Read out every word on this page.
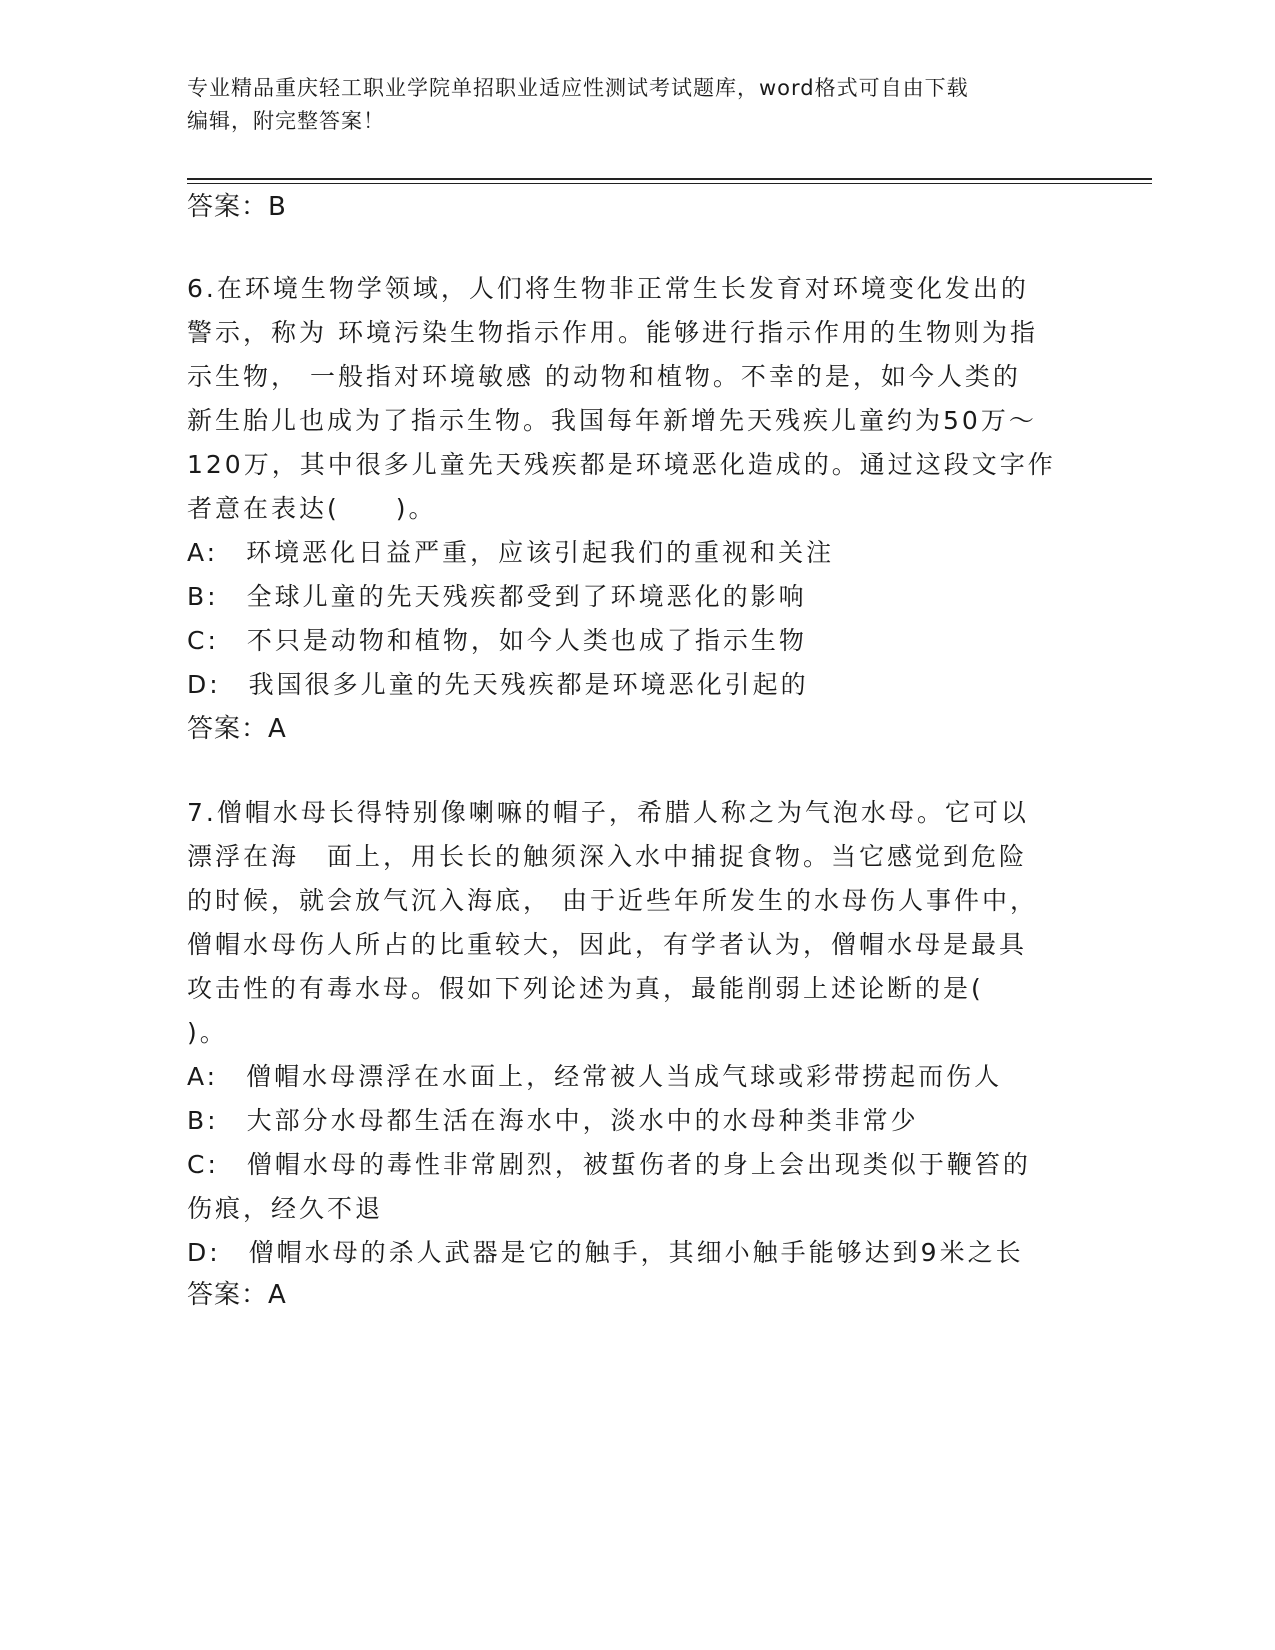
专业精品重庆轻工职业学院单招职业适应性测试考试题库，word格式可自由下载
编辑，附完整答案！
答案：B
6.在环境生物学领域，人们将生物非正常生长发育对环境变化发出的
警示，称为 环境污染生物指示作用。能够进行指示作用的生物则为指
示生物， 一般指对环境敏感 的动物和植物。不幸的是，如今人类的
新生胎儿也成为了指示生物。我国每年新增先天残疾儿童约为50万～
120万，其中很多儿童先天残疾都是环境恶化造成的。通过这段文字作
者意在表达(　　)。
A:　环境恶化日益严重，应该引起我们的重视和关注
B:　全球儿童的先天残疾都受到了环境恶化的影响
C:　不只是动物和植物，如今人类也成了指示生物
D:　我国很多儿童的先天残疾都是环境恶化引起的
答案：A
7.僧帽水母长得特别像喇嘛的帽子，希腊人称之为气泡水母。它可以
漂浮在海　面上，用长长的触须深入水中捕捉食物。当它感觉到危险
的时候，就会放气沉入海底， 由于近些年所发生的水母伤人事件中，
僧帽水母伤人所占的比重较大，因此，有学者认为，僧帽水母是最具
攻击性的有毒水母。假如下列论述为真，最能削弱上述论断的是(
)。
A:　僧帽水母漂浮在水面上，经常被人当成气球或彩带捞起而伤人
B:　大部分水母都生活在海水中，淡水中的水母种类非常少
C:　僧帽水母的毒性非常剧烈，被蜇伤者的身上会出现类似于鞭笞的
伤痕，经久不退
D:　僧帽水母的杀人武器是它的触手，其细小触手能够达到9米之长
答案：A
